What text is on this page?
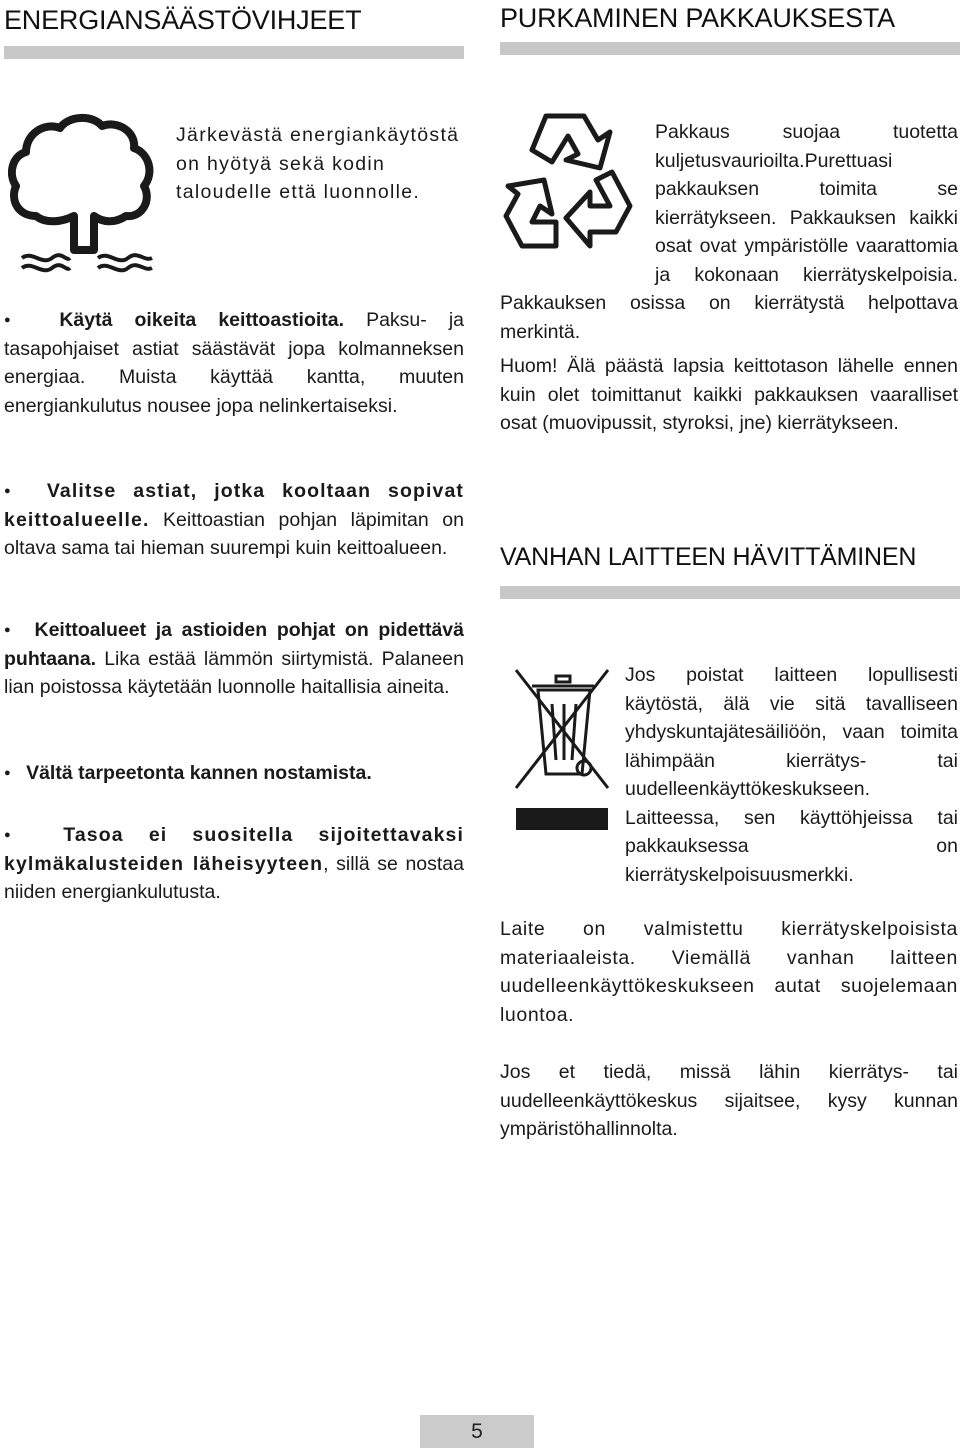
ENERGIANSÄÄSTÖVIHJEET

Järkevästä energiankäytöstä on hyötyä sekä kodin taloudelle että luonnolle.

● Käytä oikeita keittoastioita. Paksu- ja tasapohjaiset astiat säästävät jopa kolmanneksen energiaa. Muista käyttää kantta, muuten energiankulutus nousee jopa nelinkertaiseksi.

● Valitse astiat, jotka kooltaan sopivat keittoalueelle. Keittoastian pohjan läpimitan on oltava sama tai hieman suurempi kuin keittoalueen.

● Keittoalueet ja astioiden pohjat on pidettävä puhtaana. Lika estää lämmön siirtymistä. Palaneen lian poistossa käytetään luonnolle haitallisia aineita.

● Vältä tarpeetonta kannen nostamista.

● Tasoa ei suositella sijoitettavaksi kylmäkalusteiden läheisyyteen, sillä se nostaa niiden energiankulutusta.

PURKAMINEN PAKKAUKSESTA
Pakkaus suojaa tuotetta kuljetusvaurioilta.Purettuasi pakkauksen toimita se kierrätykseen. Pakkauksen kaikki osat ovat ympäristölle vaarattomia ja kokonaan kierrätyskelpoisia. Pakkauksen osissa on kierrätystä helpottava merkintä.

Huom! Älä päästä lapsia keittotason lähelle ennen kuin olet toimittanut kaikki pakkauksen vaaralliset osat (muovipussit, styroksi, jne) kierrätykseen.

VANHAN LAITTEEN HÄVITTÄMINEN
Jos poistat laitteen lopullisesti käytöstä, älä vie sitä tavalliseen yhdyskuntajätesäiliöön, vaan toimita lähimpään kierrätys- tai uudelleenkäyttökeskukseen. Laitteessa, sen käyttöhjeissa tai pakkauksessa on kierrätyskelpoisuusmerkki.

Laite on valmistettu kierrätyskelpoisista materiaaleista. Viemällä vanhan laitteen uudelleenkäyttökeskukseen autat suojelemaan luontoa.

Jos et tiedä, missä lähin kierrätys- tai uudelleenkäyttökeskus sijaitsee, kysy kunnan ympäristöhallinnolta.

5
